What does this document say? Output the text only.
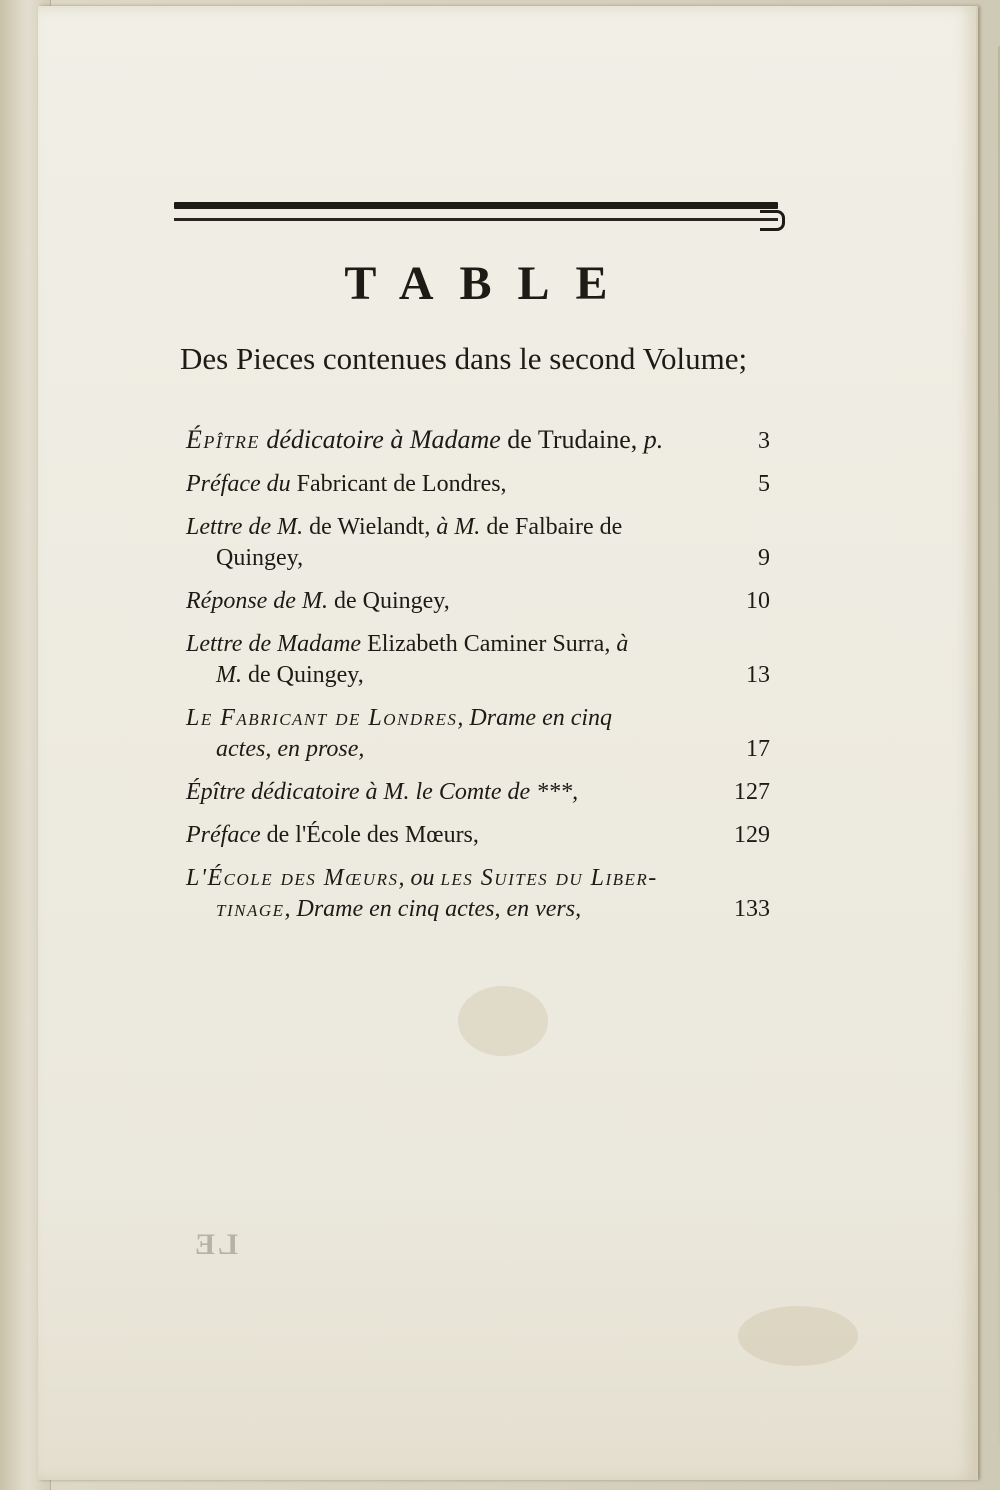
TABLE
Des Pieces contenues dans le second Volume;
Épître dédicatoire à Madame de Trudaine, p.	3
Préface du Fabricant de Londres,	5
Lettre de M. de Wielandt, à M. de Falbaire de
Quingey,	9
Réponse de M. de Quingey,	10
Lettre de Madame Elizabeth Caminer Surra, à
M. de Quingey,	13
Le Fabricant de Londres, Drame en cinq
actes, en prose,	17
Épître dédicatoire à M. le Comte de ***,	127
Préface de l'École des Mœurs,	129
L'École des Mœurs, ou les Suites du Liber-
tinage, Drame en cinq actes, en vers,	133
LE
